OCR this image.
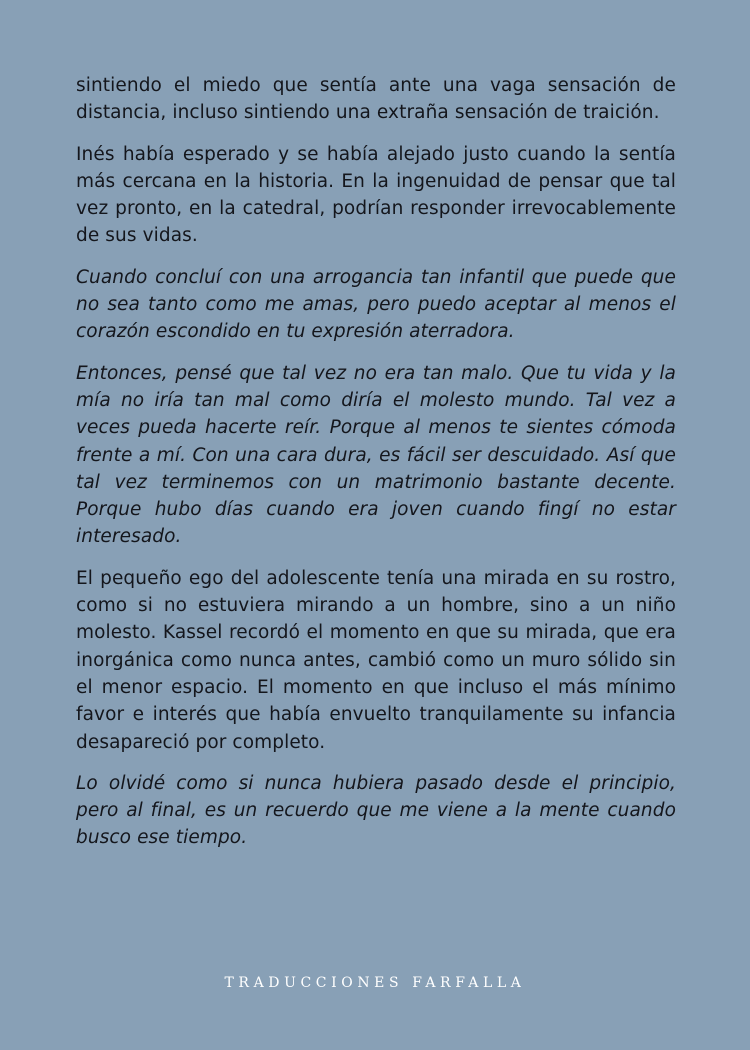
sintiendo el miedo que sentía ante una vaga sensación de distancia, incluso sintiendo una extraña sensación de traición.

Inés había esperado y se había alejado justo cuando la sentía más cercana en la historia. En la ingenuidad de pensar que tal vez pronto, en la catedral, podrían responder irrevocablemente de sus vidas.

Cuando concluí con una arrogancia tan infantil que puede que no sea tanto como me amas, pero puedo aceptar al menos el corazón escondido en tu expresión aterradora.

Entonces, pensé que tal vez no era tan malo. Que tu vida y la mía no iría tan mal como diría el molesto mundo. Tal vez a veces pueda hacerte reír. Porque al menos te sientes cómoda frente a mí. Con una cara dura, es fácil ser descuidado. Así que tal vez terminemos con un matrimonio bastante decente. Porque hubo días cuando era joven cuando fingí no estar interesado.

El pequeño ego del adolescente tenía una mirada en su rostro, como si no estuviera mirando a un hombre, sino a un niño molesto. Kassel recordó el momento en que su mirada, que era inorgánica como nunca antes, cambió como un muro sólido sin el menor espacio. El momento en que incluso el más mínimo favor e interés que había envuelto tranquilamente su infancia desapareció por completo.

Lo olvidé como si nunca hubiera pasado desde el principio, pero al final, es un recuerdo que me viene a la mente cuando busco ese tiempo.

TRADUCCIONES FARFALLA
